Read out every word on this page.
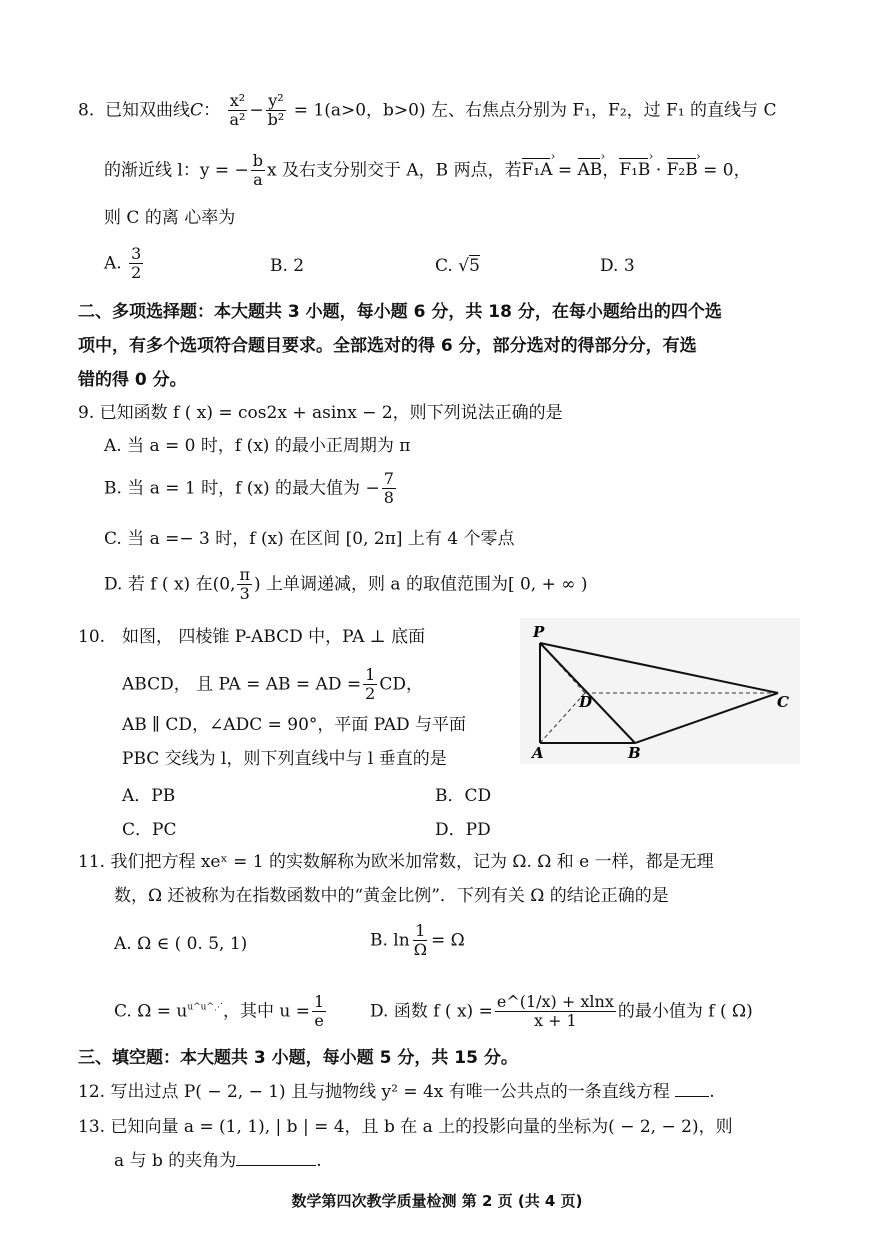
8. 已知双曲线C： $\frac{\text{x²}}{\text{a²}} - \frac{\text{y²}}{\text{b²}} = 1(a>0$，b>0) 左、右焦点分别为 F₁，F₂，过 F₁ 的直线与 C
的渐近线 l：y = − $\frac{b}{a}$ x 及右支分别交于 A，B 两点，若F₁A › = AB ›，F₁B › · F₂B › = 0，
则 C 的离 心率为
A. $\frac{3}{2}$	B. 2	C. √5	D. 3
二、多项选择题：本大题共 3 小题，每小题 6 分，共 18 分，在每小题给出的四个选
项中，有多个选项符合题目要求。全部选对的得 6 分，部分选对的得部分分，有选
错的得 0 分。
9. 已知函数 f ( x) = cos2x + asinx − 2，则下列说法正确的是
A. 当 a = 0 时，f (x) 的最小正周期为 π
B. 当 a = 1 时，f (x) 的最大值为 − $\frac{7}{8}$
C. 当 a =− 3 时，f (x) 在区间 [0, 2π] 上有 4 个零点
D. 若 f ( x) 在(0, $\frac{\pi}{3}$ ) 上单调递减，则 a 的取值范围为[ 0, + ∞ )
10. 如图， 四棱锥 P-ABCD 中，PA ⊥ 底面
ABCD， 且 PA = AB = AD = $\frac{1}{2}$ CD，
AB ∥ CD，∠ADC = 90°，平面 PAD 与平面
PBC 交线为 l，则下列直线中与 l 垂直的是
A．PB	B．CD
C．PC	D．PD
P
A	B
C
D
11. 我们把方程 xeˣ = 1 的实数解称为欧米加常数，记为 Ω. Ω 和 e 一样，都是无理
数，Ω 还被称为在指数函数中的“黄金比例”．下列有关 Ω 的结论正确的是
A. Ω ∈ ( 0. 5, 1)	B. $\ln \frac{1}{\Omega} = \Omega$
C. $\Omega = u^{u\^{}u\^{}⋰}$，其中 $u = \frac{1}{e}$	D. 函数 f ( $x) = \frac{e\^{}(1/x) + xlnx}{x + 1}$ 的最小值为 f ( Ω)
三、填空题：本大题共 3 小题，每小题 5 分，共 15 分。
12. 写出过点 P( − 2, − 1) 且与抛物线 y² = 4x 有唯一公共点的一条直线方程 .
13. 已知向量 a = (1, 1), | b | = 4，且 b 在 a 上的投影向量的坐标为( − 2, − 2)，则
a 与 b 的夹角为	.
数学第四次教学质量检测 第 2 页 (共 4 页)
